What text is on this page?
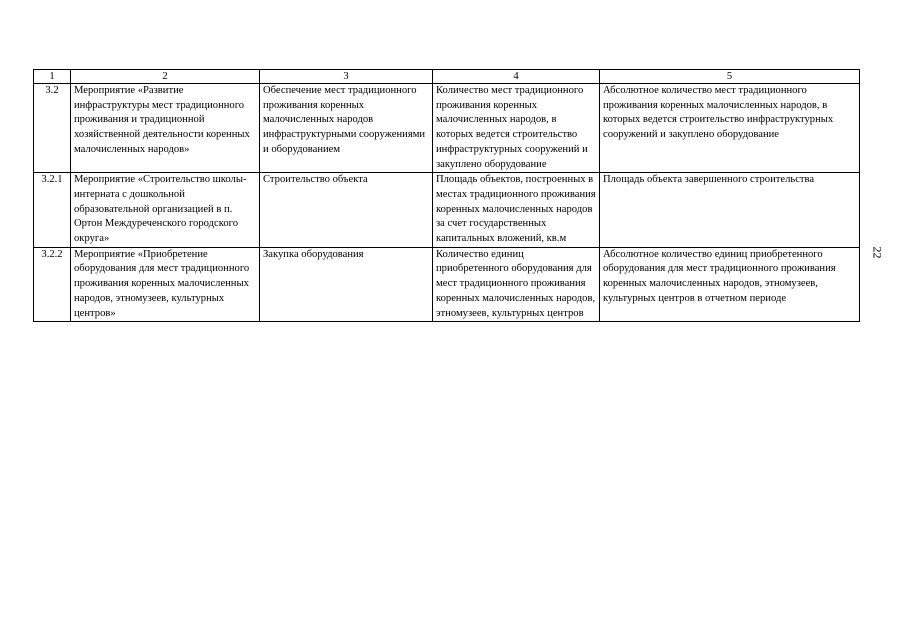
1	2	3	4	5
3.2	Мероприятие «Развитие инфраструктуры мест традиционного проживания и традиционной хозяйственной деятельности коренных малочисленных народов»	Обеспечение мест традиционного проживания коренных малочисленных народов инфраструктурными сооружениями и оборудованием	Количество мест традиционного проживания коренных малочисленных народов, в которых ведется строительство инфраструктурных сооружений и закуплено оборудование	Абсолютное количество мест традиционного проживания коренных малочисленных народов, в которых ведется строительство инфраструктурных сооружений и закуплено оборудование
3.2.1	Мероприятие «Строительство школы-интерната с дошкольной образовательной организацией в п. Ортон Междуреченского городского округа»	Строительство объекта	Площадь объектов, построенных в местах традиционного проживания коренных малочисленных народов за счет государственных капитальных вложений, кв.м	Площадь объекта завершенного строительства
3.2.2	Мероприятие «Приобретение оборудования для мест традиционного проживания коренных малочисленных народов, этномузеев, культурных центров»	Закупка оборудования	Количество единиц приобретенного оборудования для мест традиционного проживания коренных малочисленных народов, этномузеев, культурных центров	Абсолютное количество единиц приобретенного оборудования для мест традиционного проживания коренных малочисленных народов, этномузеев, культурных центров в отчетном периоде
22
